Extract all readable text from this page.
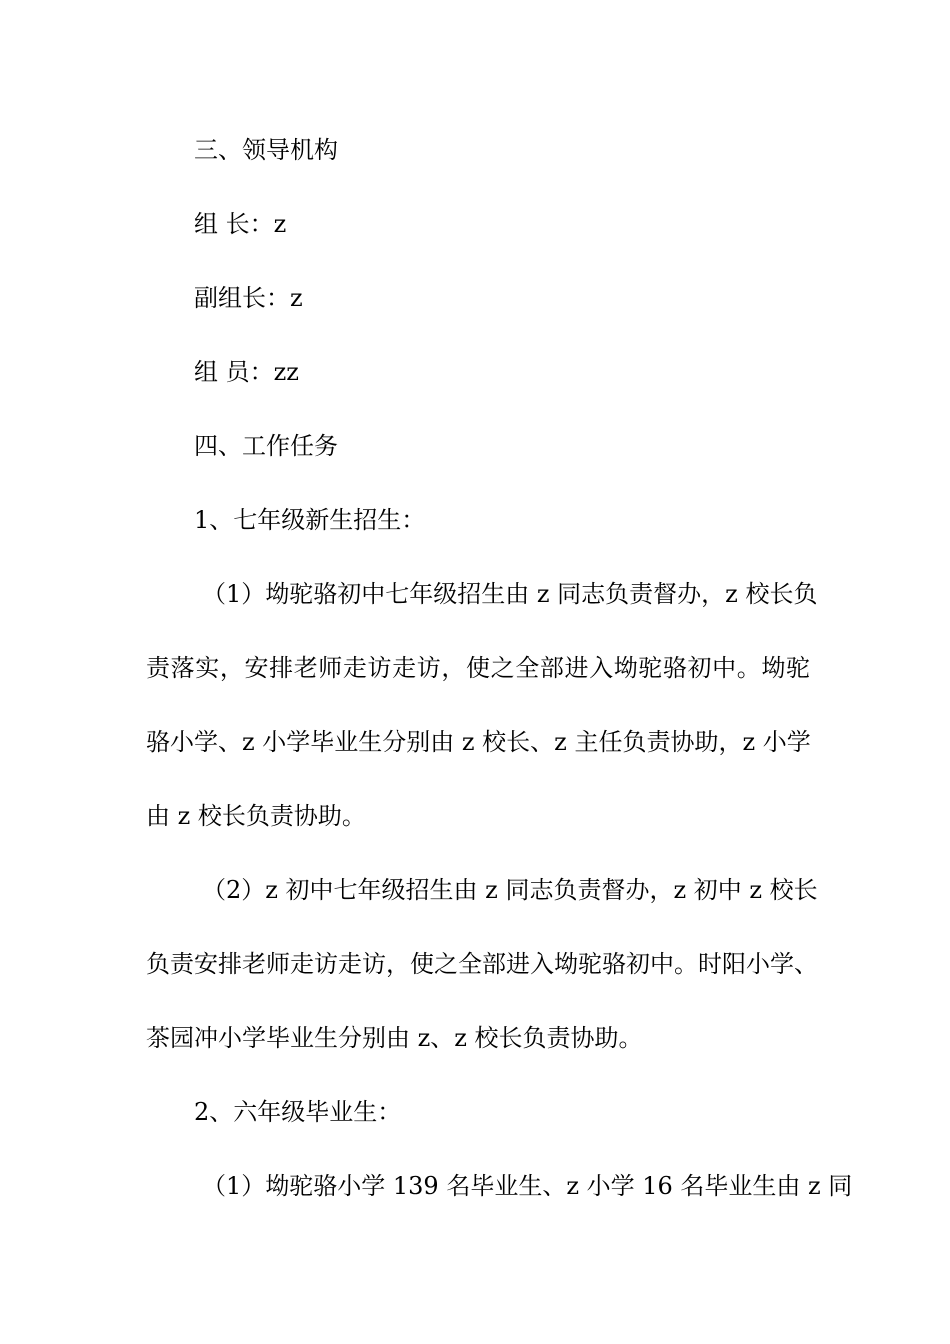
三、领导机构
组 长：z
副组长：z
组 员：zz
四、工作任务
1、七年级新生招生：
（1）坳驼骆初中七年级招生由 z 同志负责督办，z 校长负
责落实，安排老师走访走访，使之全部进入坳驼骆初中。坳驼
骆小学、z 小学毕业生分别由 z 校长、z 主任负责协助，z 小学
由 z 校长负责协助。
（2）z 初中七年级招生由 z 同志负责督办，z 初中 z 校长
负责安排老师走访走访，使之全部进入坳驼骆初中。时阳小学、
茶园冲小学毕业生分别由 z、z 校长负责协助。
2、六年级毕业生：
（1）坳驼骆小学 139 名毕业生、z 小学 16 名毕业生由 z 同
